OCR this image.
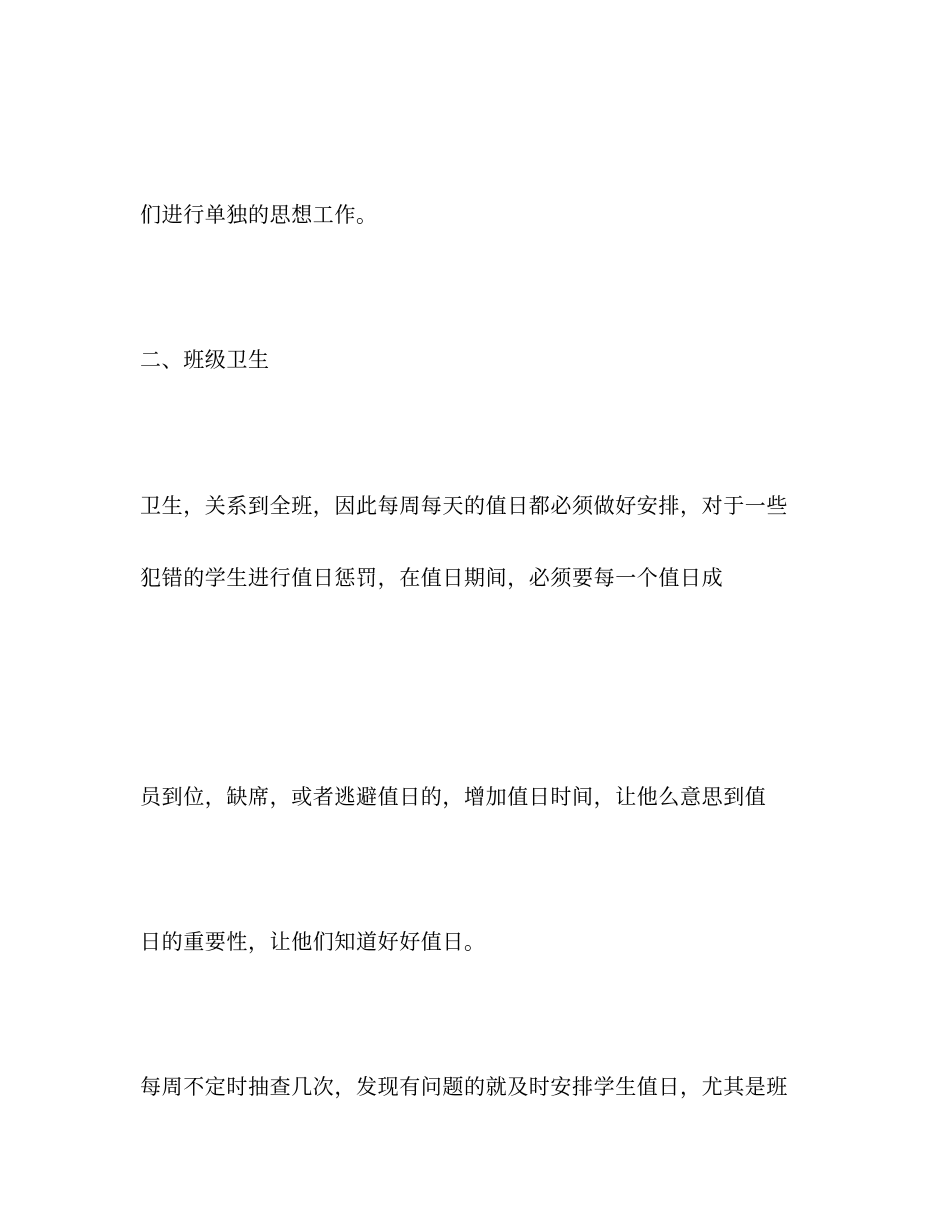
们进行单独的思想工作。
二、班级卫生
卫生，关系到全班，因此每周每天的值日都必须做好安排，对于一些
犯错的学生进行值日惩罚，在值日期间，必须要每一个值日成
员到位，缺席，或者逃避值日的，增加值日时间，让他么意思到值
日的重要性，让他们知道好好值日。
每周不定时抽查几次，发现有问题的就及时安排学生值日，尤其是班
